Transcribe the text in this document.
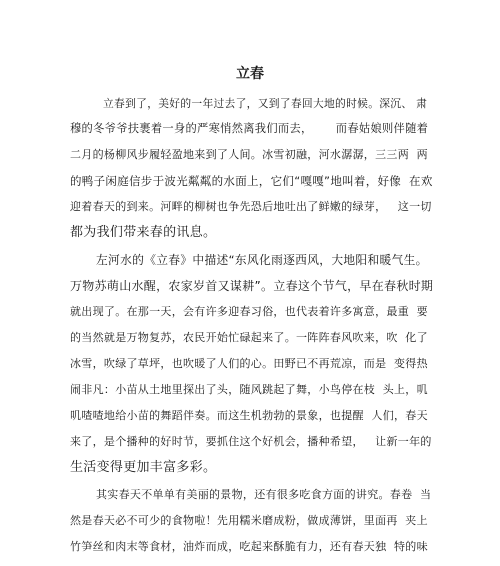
立春
立春到了，美好的一年过去了，又到了春回大地的时候。深沉、 肃
穆的冬爷爷扶裹着一身的严寒悄然离我们而去，      而春姑娘则伴随着
二月的杨柳风步履轻盈地来到了人间。冰雪初融，河水潺潺，三三两  两
的鸭子闲庭信步于波光粼粼的水面上，它们“嘎嘎”地叫着，好像  在欢
迎着春天的到来。河畔的柳树也争先恐后地吐出了鲜嫩的绿芽，   这一切
都为我们带来春的讯息。
左河水的《立春》中描述“东风化雨逐西风，大地阳和暖气生。
万物苏萌山水醒，农家岁首又谋耕”。立春这个节气，早在春秋时期
就出现了。在那一天，会有许多迎春习俗，也代表着许多寓意，最重  要
的当然就是万物复苏，农民开始忙碌起来了。一阵阵春风吹来，吹  化了
冰雪，吹绿了草坪，也吹暖了人们的心。田野已不再荒凉，而是  变得热
闹非凡：小苗从土地里探出了头，随风跳起了舞，小鸟停在枝  头上，叽
叽喳喳地给小苗的舞蹈伴奏。而这生机勃勃的景象，也提醒  人们，春天
来了，是个播种的好时节，要抓住这个好机会，播种希望，   让新一年的
生活变得更加丰富多彩。
其实春天不单单有美丽的景物，还有很多吃食方面的讲究。春卷  当
然是春天必不可少的食物啦！先用糯米磨成粉，做成薄饼，里面再  夹上
竹笋丝和肉末等食材，油炸而成，吃起来酥脆有力，还有春天独  特的味
